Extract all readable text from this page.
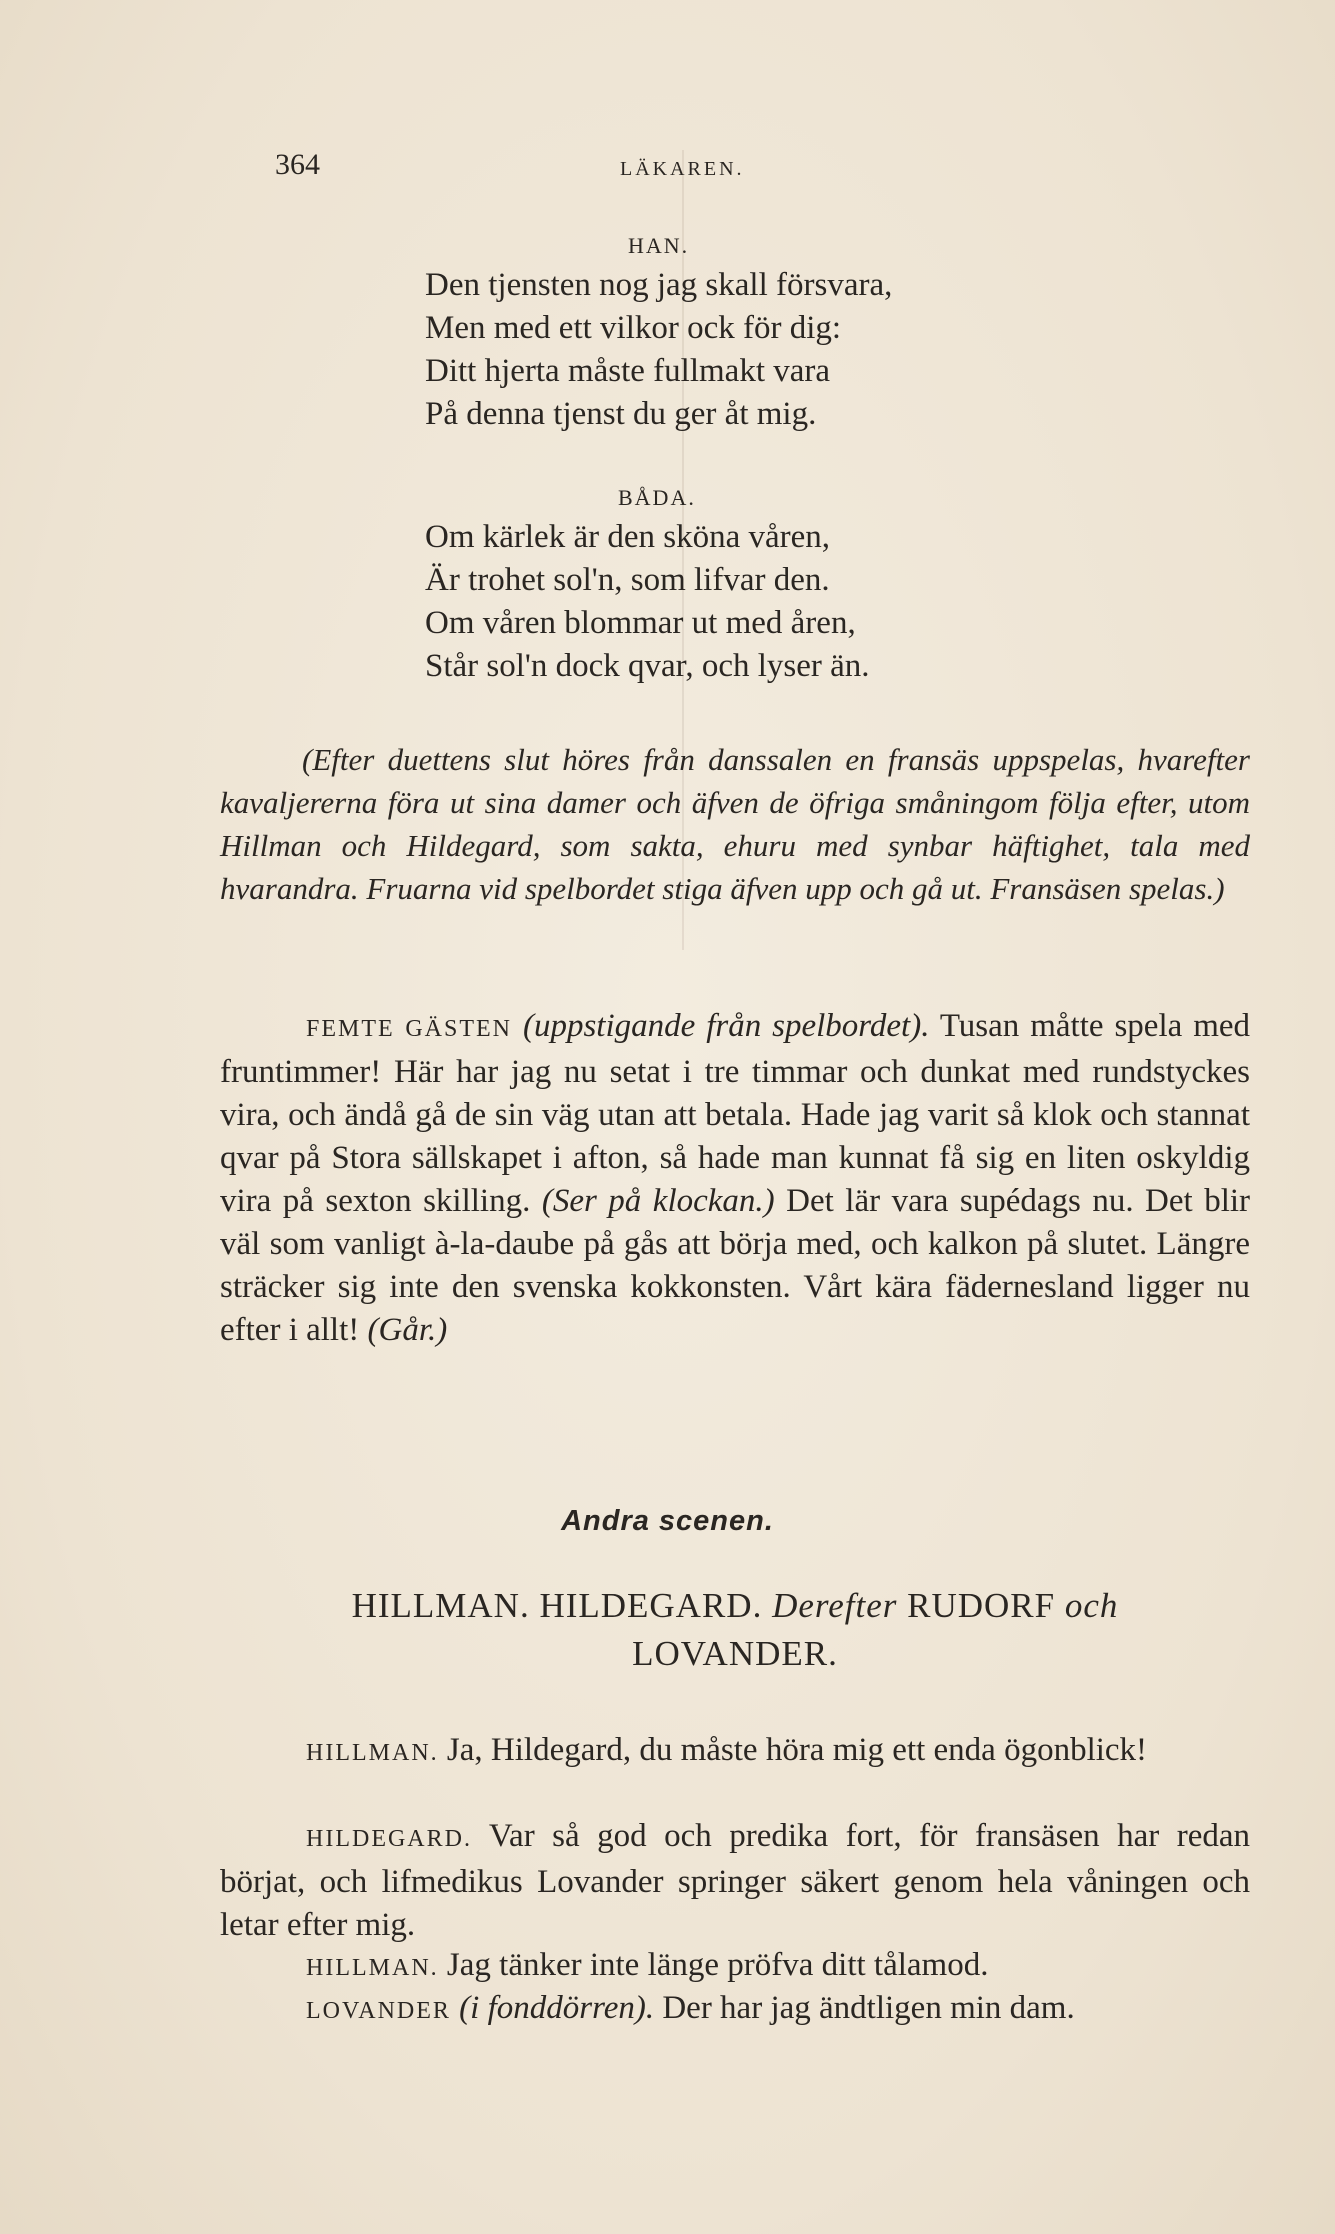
364	LÄKAREN.
HAN.
Den tjensten nog jag skall försvara,
Men med ett vilkor ock för dig:
Ditt hjerta måste fullmakt vara
På denna tjenst du ger åt mig.
BÅDA.
Om kärlek är den sköna våren,
Är trohet sol'n, som lifvar den.
Om våren blommar ut med åren,
Står sol'n dock qvar, och lyser än.
(Efter duettens slut höres från danssalen en fransäs uppspelas, hvarefter kavaljererna föra ut sina damer och äfven de öfriga småningom följa efter, utom Hillman och Hildegard, som sakta, ehuru med synbar häftighet, tala med hvarandra. Fruarna vid spelbordet stiga äfven upp och gå ut. Fransäsen spelas.)
FEMTE GÄSTEN (uppstigande från spelbordet). Tusan måtte spela med fruntimmer! Här har jag nu setat i tre timmar och dunkat med rundstyckes vira, och ändå gå de sin väg utan att betala. Hade jag varit så klok och stannat qvar på Stora sällskapet i afton, så hade man kunnat få sig en liten oskyldig vira på sexton skilling. (Ser på klockan.) Det lär vara supédags nu. Det blir väl som vanligt à-la-daube på gås att börja med, och kalkon på slutet. Längre sträcker sig inte den svenska kokkonsten. Vårt kära fädernesland ligger nu efter i allt! (Går.)
Andra scenen.
HILLMAN. HILDEGARD. Derefter RUDORF och
LOVANDER.
HILLMAN. Ja, Hildegard, du måste höra mig ett enda ögonblick!
HILDEGARD. Var så god och predika fort, för fransäsen har redan börjat, och lifmedikus Lovander springer säkert genom hela våningen och letar efter mig.
HILLMAN. Jag tänker inte länge pröfva ditt tålamod.
LOVANDER (i fonddörren). Der har jag ändtligen min dam.
